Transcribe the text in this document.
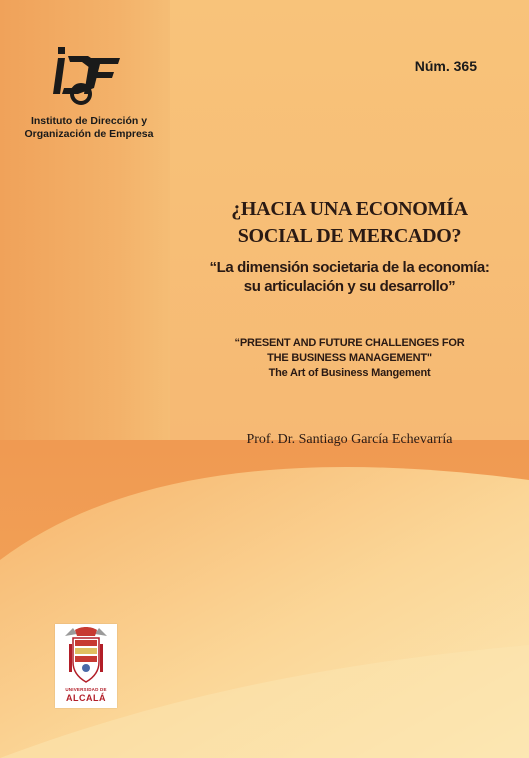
Instituto de Dirección y
Organización de Empresa
Núm. 365
¿HACIA UNA ECONOMÍA
SOCIAL DE MERCADO?
“La dimensión societaria de la economía:
su articulación y su desarrollo”
“PRESENT AND FUTURE CHALLENGES FOR
THE BUSINESS MANAGEMENT"
The Art of Business Mangement
Prof. Dr. Santiago García Echevarría
UNIVERSIDAD DE
ALCALÁ
